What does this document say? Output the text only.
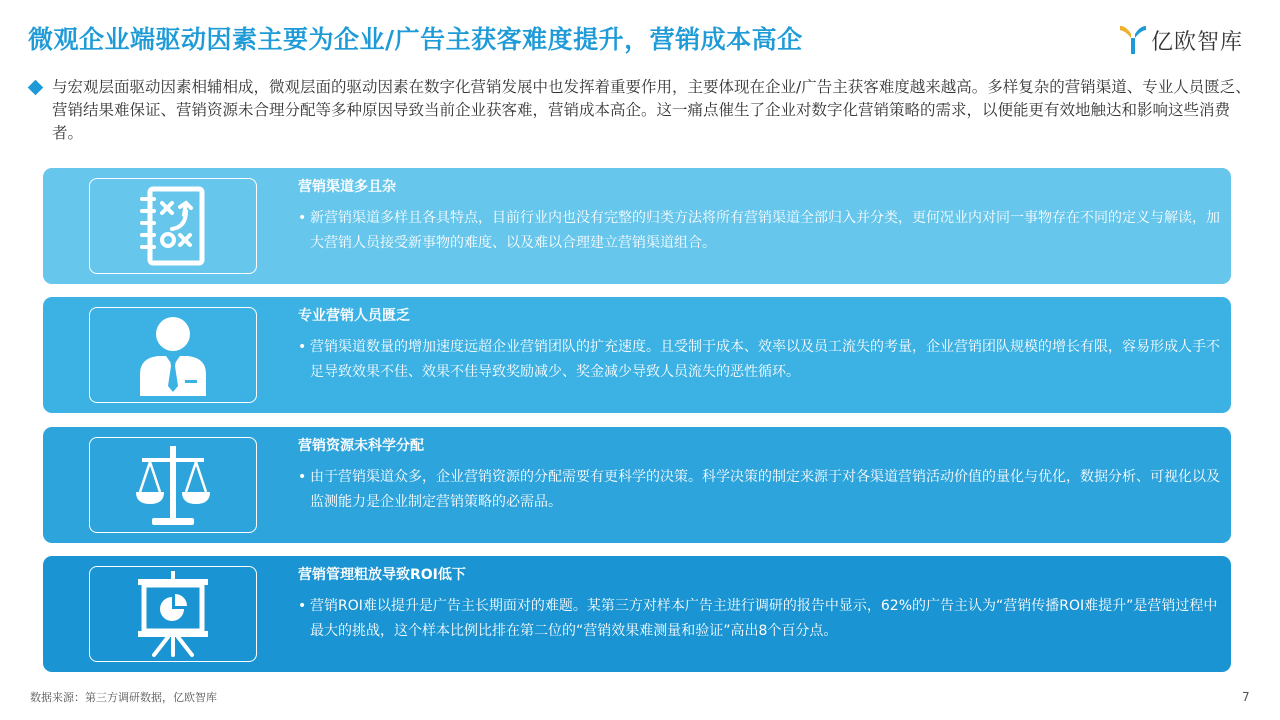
微观企业端驱动因素主要为企业/广告主获客难度提升，营销成本高企	亿欧智库
与宏观层面驱动因素相辅相成，微观层面的驱动因素在数字化营销发展中也发挥着重要作用，主要体现在企业/广告主获客难度越来越高。多样复杂的营销渠道、专业人员匮乏、营销结果难保证、营销资源未合理分配等多种原因导致当前企业获客难，营销成本高企。这一痛点催生了企业对数字化营销策略的需求，以便能更有效地触达和影响这些消费者。
营销渠道多且杂
• 新营销渠道多样且各具特点，目前行业内也没有完整的归类方法将所有营销渠道全部归入并分类，更何况业内对同一事物存在不同的定义与解读，加大营销人员接受新事物的难度、以及难以合理建立营销渠道组合。
专业营销人员匮乏
• 营销渠道数量的增加速度远超企业营销团队的扩充速度。且受制于成本、效率以及员工流失的考量，企业营销团队规模的增长有限，容易形成人手不足导致效果不佳、效果不佳导致奖励减少、奖金减少导致人员流失的恶性循环。
营销资源未科学分配
• 由于营销渠道众多，企业营销资源的分配需要有更科学的决策。科学决策的制定来源于对各渠道营销活动价值的量化与优化，数据分析、可视化以及监测能力是企业制定营销策略的必需品。
营销管理粗放导致ROI低下
• 营销ROI难以提升是广告主长期面对的难题。某第三方对样本广告主进行调研的报告中显示，62%的广告主认为“营销传播ROI难提升”是营销过程中最大的挑战，这个样本比例比排在第二位的“营销效果难测量和验证”高出8个百分点。
数据来源：第三方调研数据，亿欧智库	7
